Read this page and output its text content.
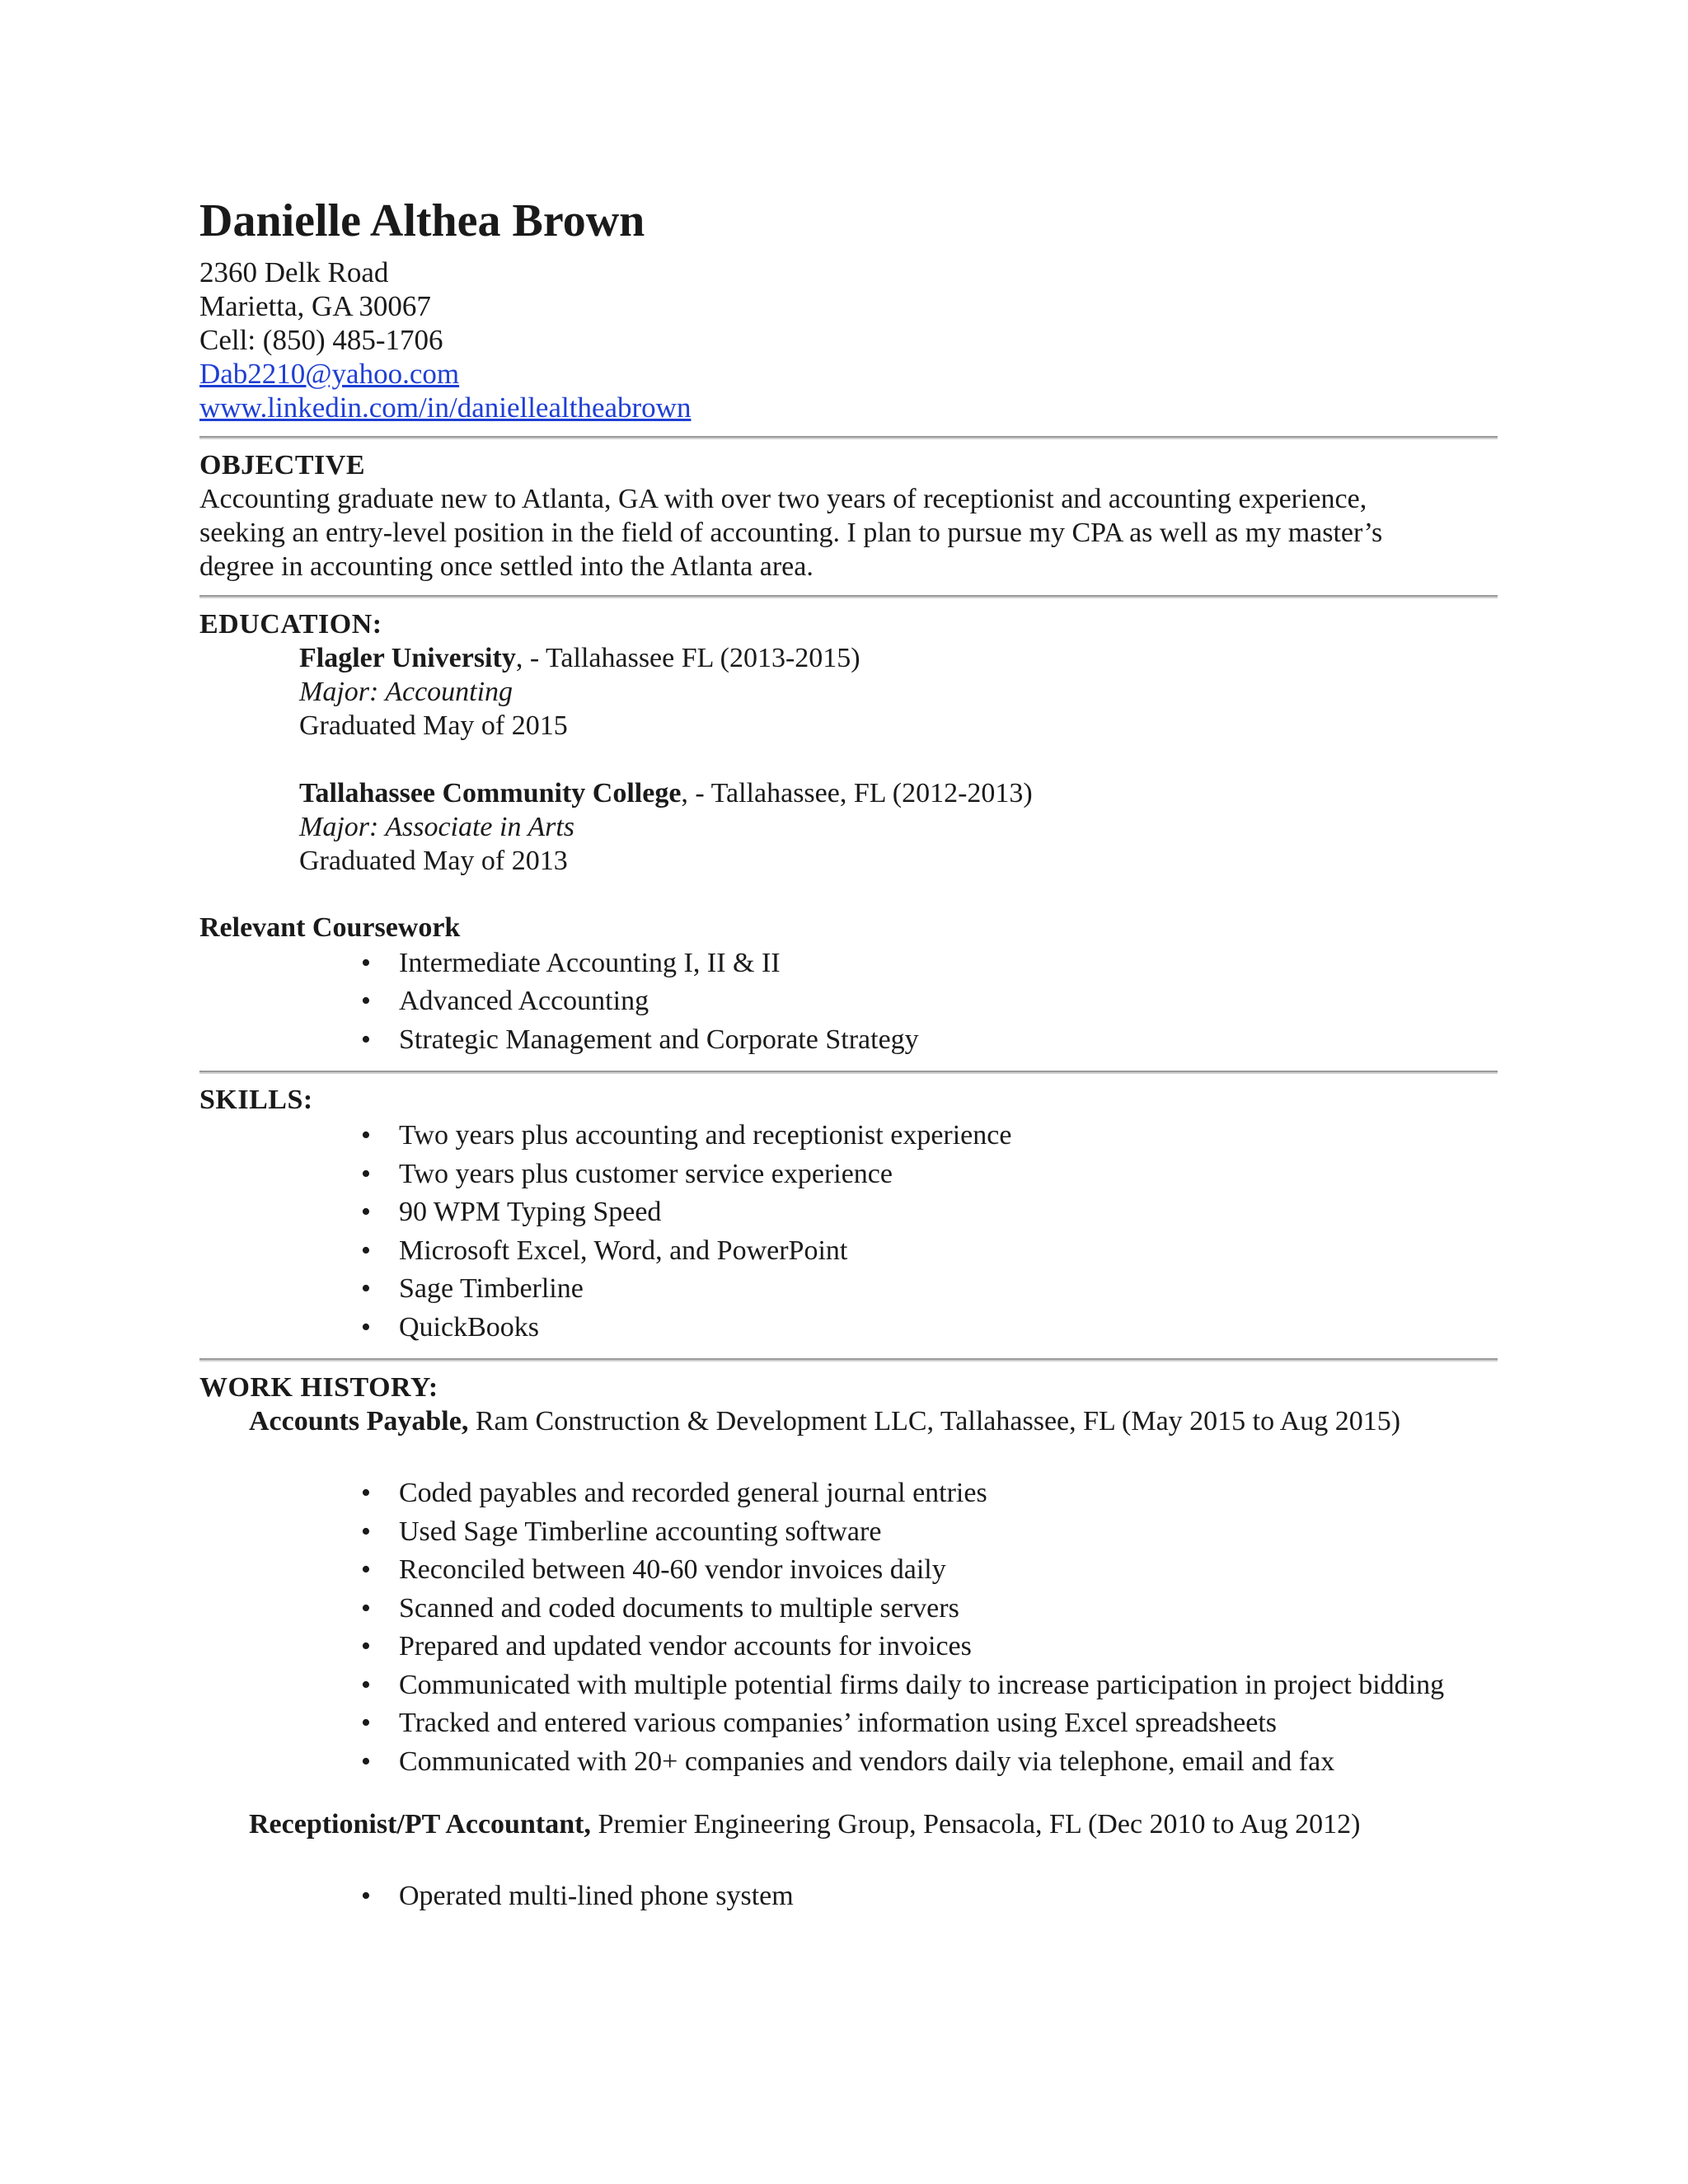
Danielle Althea Brown
2360 Delk Road
Marietta, GA 30067
Cell: (850) 485-1706
Dab2210@yahoo.com
www.linkedin.com/in/daniellealtheabrown
OBJECTIVE
Accounting graduate new to Atlanta, GA with over two years of receptionist and accounting experience,
seeking an entry-level position in the field of accounting. I plan to pursue my CPA as well as my master’s
degree in accounting once settled into the Atlanta area.
EDUCATION:
Flagler University, - Tallahassee FL (2013-2015)
Major: Accounting
Graduated May of 2015
Tallahassee Community College, - Tallahassee, FL (2012-2013)
Major: Associate in Arts
Graduated May of 2013
Relevant Coursework
• Intermediate Accounting I, II & II
• Advanced Accounting
• Strategic Management and Corporate Strategy
SKILLS:
• Two years plus accounting and receptionist experience
• Two years plus customer service experience
• 90 WPM Typing Speed
• Microsoft Excel, Word, and PowerPoint
• Sage Timberline
• QuickBooks
WORK HISTORY:
Accounts Payable, Ram Construction & Development LLC, Tallahassee, FL (May 2015 to Aug 2015)
• Coded payables and recorded general journal entries
• Used Sage Timberline accounting software
• Reconciled between 40-60 vendor invoices daily
• Scanned and coded documents to multiple servers
• Prepared and updated vendor accounts for invoices
• Communicated with multiple potential firms daily to increase participation in project bidding
• Tracked and entered various companies’ information using Excel spreadsheets
• Communicated with 20+ companies and vendors daily via telephone, email and fax
Receptionist/PT Accountant, Premier Engineering Group, Pensacola, FL (Dec 2010 to Aug 2012)
• Operated multi-lined phone system
